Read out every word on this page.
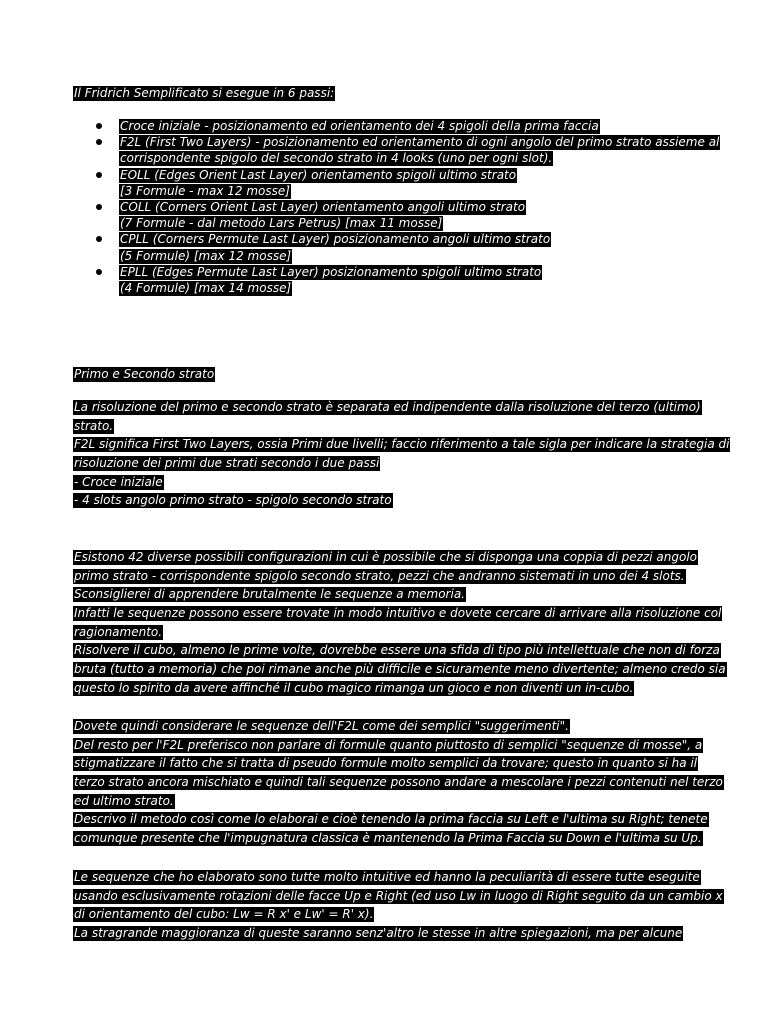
Il Fridrich Semplificato si esegue in 6 passi:

Croce iniziale - posizionamento ed orientamento dei 4 spigoli della prima faccia
F2L (First Two Layers) - posizionamento ed orientamento di ogni angolo del primo strato assieme al
corrispondente spigolo del secondo strato in 4 looks (uno per ogni slot).
EOLL (Edges Orient Last Layer) orientamento spigoli ultimo strato
[3 Formule - max 12 mosse]
COLL (Corners Orient Last Layer) orientamento angoli ultimo strato
(7 Formule - dal metodo Lars Petrus) [max 11 mosse]
CPLL (Corners Permute Last Layer) posizionamento angoli ultimo strato
(5 Formule) [max 12 mosse]
EPLL (Edges Permute Last Layer) posizionamento spigoli ultimo strato
(4 Formule) [max 14 mosse]

Primo e Secondo strato

La risoluzione del primo e secondo strato è separata ed indipendente dalla risoluzione del terzo (ultimo)
strato.
F2L significa First Two Layers, ossia Primi due livelli; faccio riferimento a tale sigla per indicare la strategia di
risoluzione dei primi due strati secondo i due passi
- Croce iniziale
- 4 slots angolo primo strato - spigolo secondo strato
Esistono 42 diverse possibili configurazioni in cui è possibile che si disponga una coppia di pezzi angolo
primo strato - corrispondente spigolo secondo strato, pezzi che andranno sistemati in uno dei 4 slots.
Sconsiglierei di apprendere brutalmente le sequenze a memoria.
Infatti le sequenze possono essere trovate in modo intuitivo e dovete cercare di arrivare alla risoluzione col
ragionamento.
Risolvere il cubo, almeno le prime volte, dovrebbe essere una sfida di tipo più intellettuale che non di forza
bruta (tutto a memoria) che poi rimane anche più difficile e sicuramente meno divertente; almeno credo sia
questo lo spirito da avere affinché il cubo magico rimanga un gioco e non diventi un in-cubo.
Dovete quindi considerare le sequenze dell'F2L come dei semplici "suggerimenti".
Del resto per l'F2L preferisco non parlare di formule quanto piuttosto di semplici "sequenze di mosse", a
stigmatizzare il fatto che si tratta di pseudo formule molto semplici da trovare; questo in quanto si ha il
terzo strato ancora mischiato e quindi tali sequenze possono andare a mescolare i pezzi contenuti nel terzo
ed ultimo strato.
Descrivo il metodo così come lo elaborai e cioè tenendo la prima faccia su Left e l'ultima su Right; tenete
comunque presente che l'impugnatura classica è mantenendo la Prima Faccia su Down e l'ultima su Up.
Le sequenze che ho elaborato sono tutte molto intuitive ed hanno la peculiarità di essere tutte eseguite
usando esclusivamente rotazioni delle facce Up e Right (ed uso Lw in luogo di Right seguito da un cambio x
di orientamento del cubo: Lw = R x' e Lw' = R' x).
La stragrande maggioranza di queste saranno senz'altro le stesse in altre spiegazioni, ma per alcune
